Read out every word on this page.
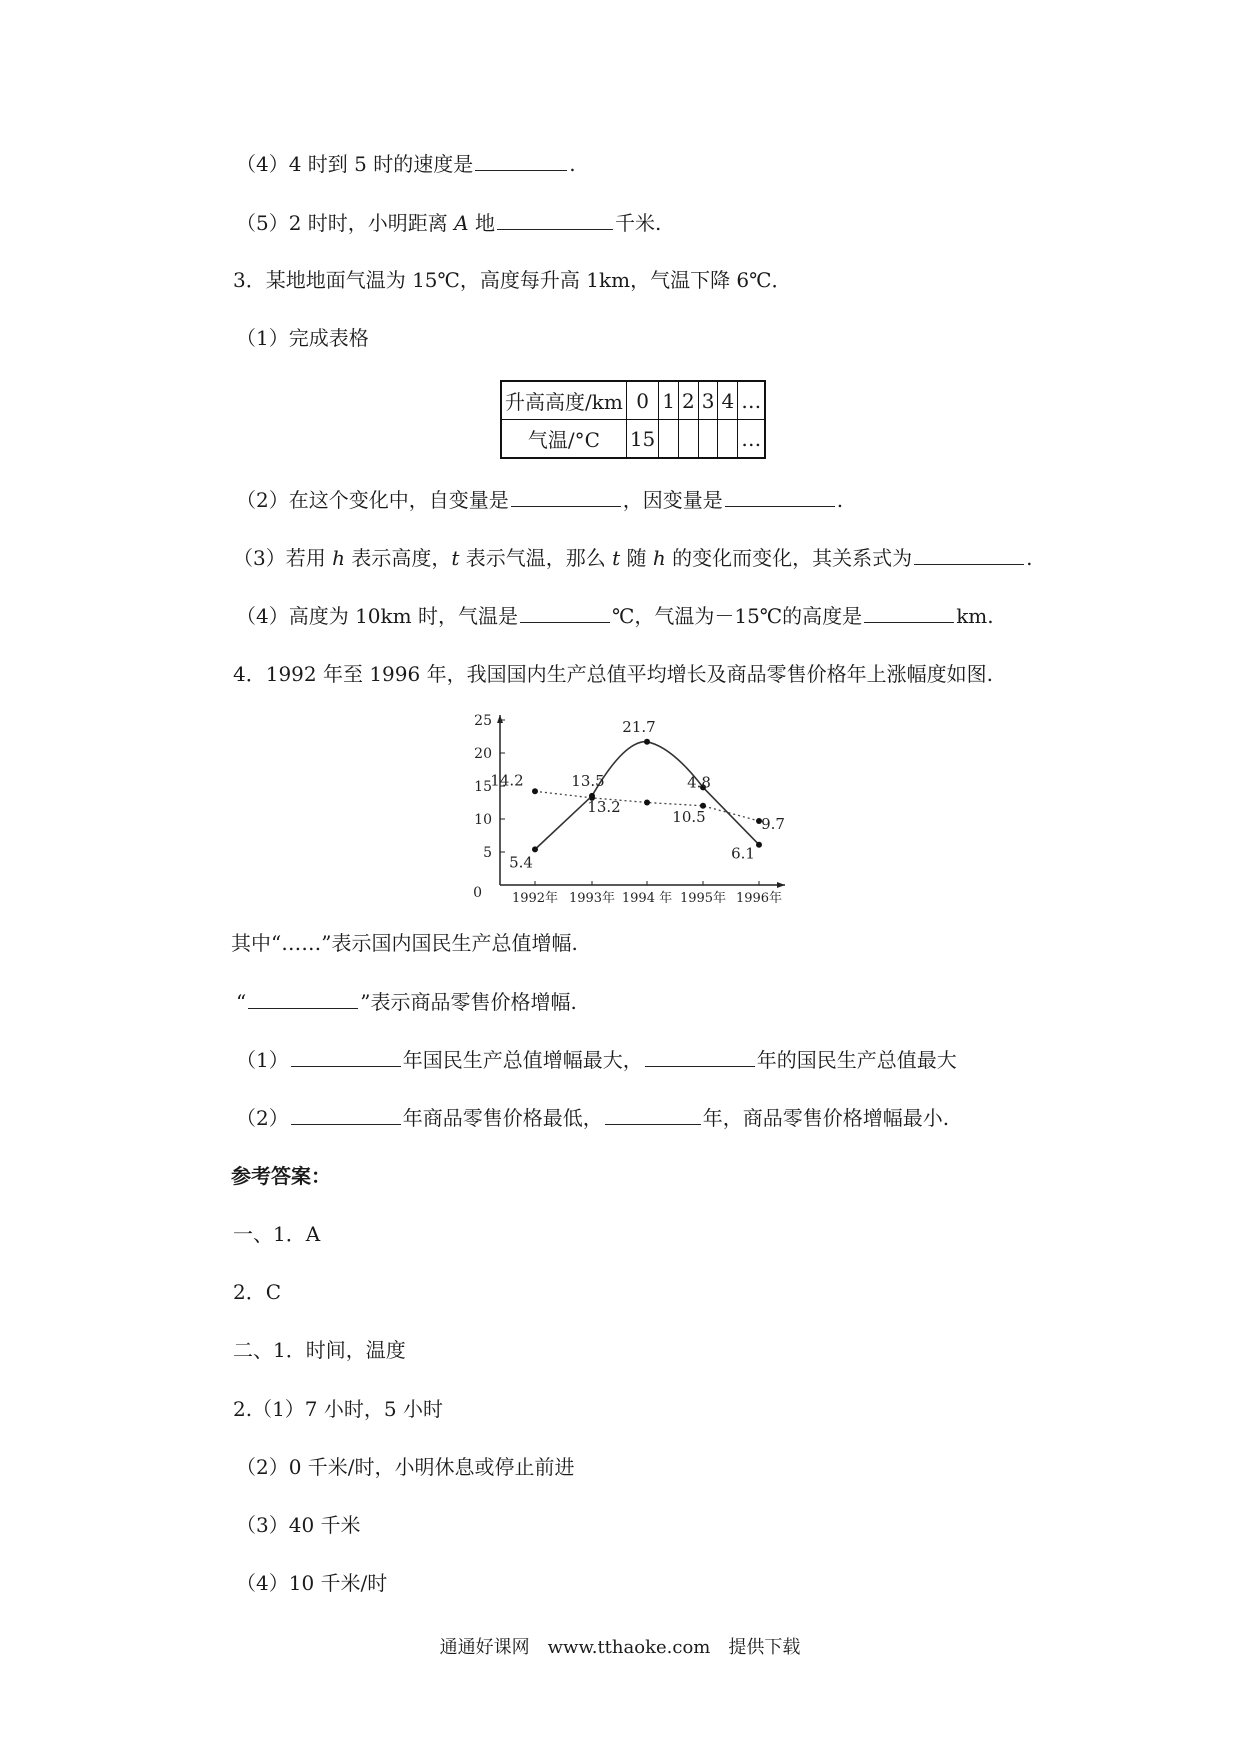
（4）4 时到 5 时的速度是	.
（5）2 时时，小明距离 A 地	千米.
3．某地地面气温为 15℃，高度每升高 1km，气温下降 6℃．
（1）完成表格
升高高度/km	0	1	2	3	4	…
气温/°C	15					…
（2）在这个变化中，自变量是	，因变量是	.
（3）若用 h 表示高度，t 表示气温，那么 t 随 h 的变化而变化，其关系式为	.
（4）高度为 10km 时，气温是	℃，气温为－15℃的高度是	km.
4．1992 年至 1996 年，我国国内生产总值平均增长及商品零售价格年上涨幅度如图.
0
5
10
15
20
25
1992年 1993年 1994 年 1995年 1996年
14.2
13.2
10.5	9.7
5.4
13.5
21.7
4.8
6.1
其中“……”表示国内国民生产总值增幅.
“	”表示商品零售价格增幅.
（1）	年国民生产总值增幅最大，	年的国民生产总值最大
（2）	年商品零售价格最低，	年，商品零售价格增幅最小.
参考答案：
一、1．A
2．C
二、1．时间，温度
2.（1）7 小时，5 小时
（2）0 千米/时，小明休息或停止前进
（3）40 千米
（4）10 千米/时
通通好课网　www.tthaoke.com　提供下载
